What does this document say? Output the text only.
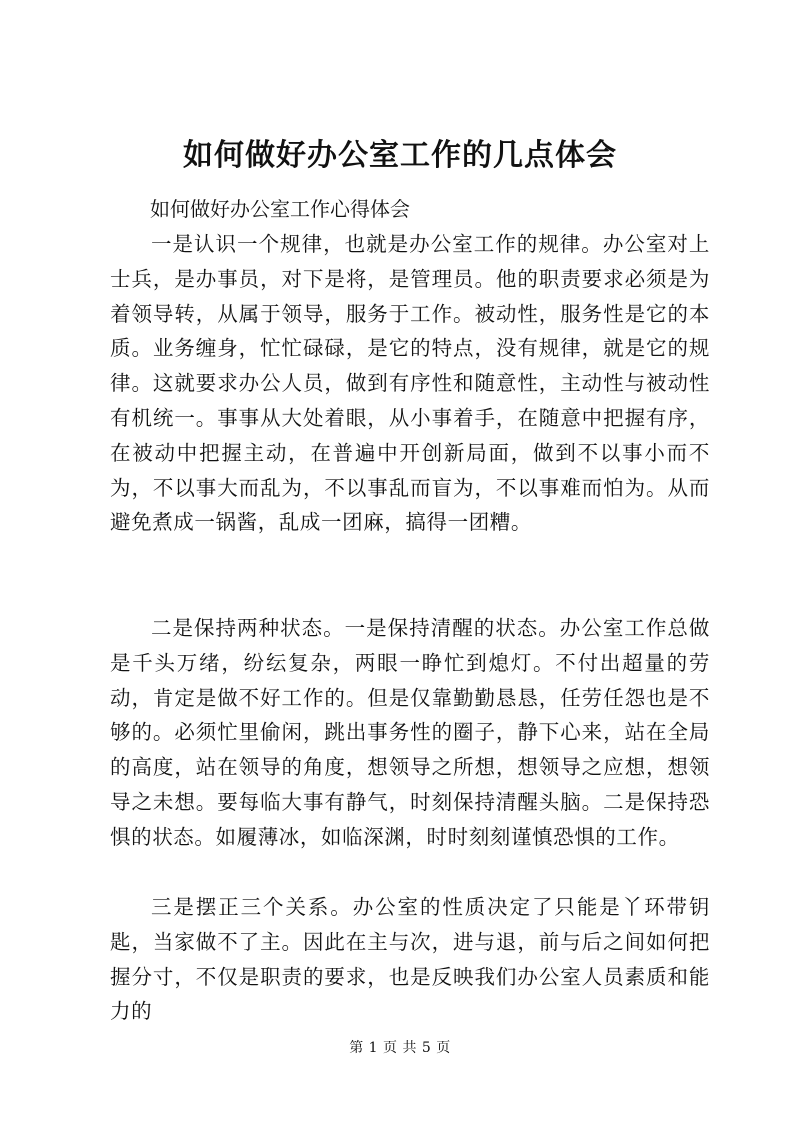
如何做好办公室工作的几点体会
如何做好办公室工作心得体会

一是认识一个规律，也就是办公室工作的规律。办公室对上士兵，是办事员，对下是将，是管理员。他的职责要求必须是为着领导转，从属于领导，服务于工作。被动性，服务性是它的本质。业务缠身，忙忙碌碌，是它的特点，没有规律，就是它的规律。这就要求办公人员，做到有序性和随意性，主动性与被动性有机统一。事事从大处着眼，从小事着手，在随意中把握有序，在被动中把握主动，在普遍中开创新局面，做到不以事小而不为，不以事大而乱为，不以事乱而盲为，不以事难而怕为。从而避免煮成一锅酱，乱成一团麻，搞得一团糟。

二是保持两种状态。一是保持清醒的状态。办公室工作总做是千头万绪，纷纭复杂，两眼一睁忙到熄灯。不付出超量的劳动，肯定是做不好工作的。但是仅靠勤勤恳恳，任劳任怨也是不够的。必须忙里偷闲，跳出事务性的圈子，静下心来，站在全局的高度，站在领导的角度，想领导之所想，想领导之应想，想领导之未想。要每临大事有静气，时刻保持清醒头脑。二是保持恐惧的状态。如履薄冰，如临深渊，时时刻刻谨慎恐惧的工作。

三是摆正三个关系。办公室的性质决定了只能是丫环带钥匙，当家做不了主。因此在主与次，进与退，前与后之间如何把握分寸，不仅是职责的要求，也是反映我们办公室人员素质和能力的

第 1 页 共 5 页
